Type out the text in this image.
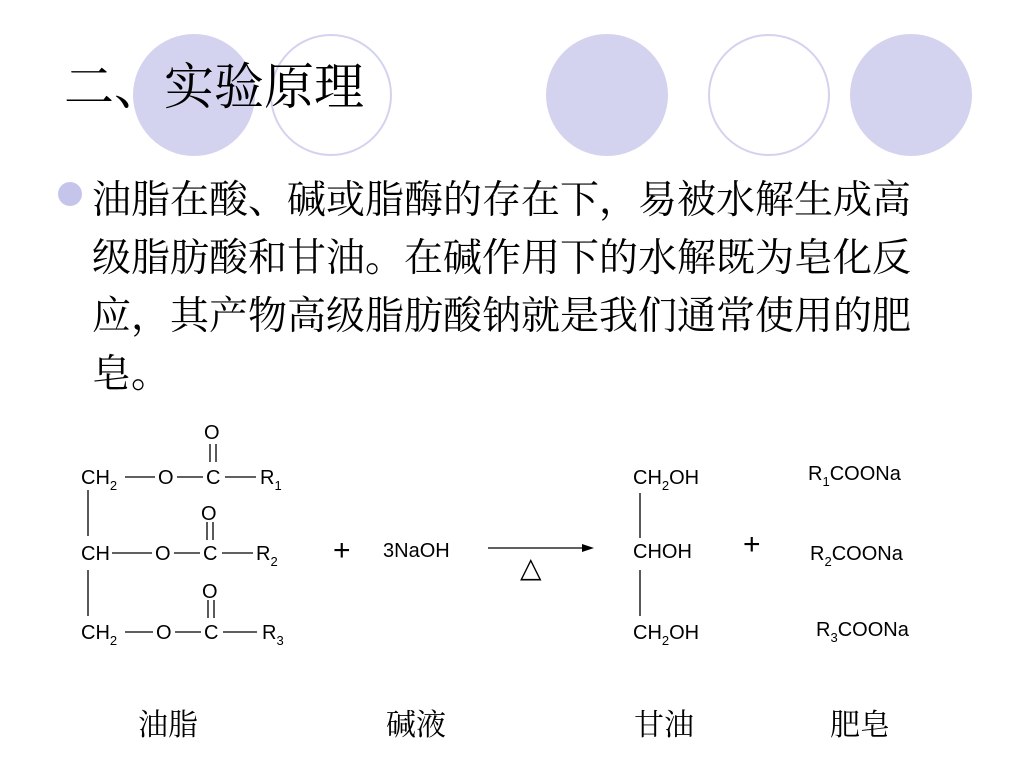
二、实验原理

油脂在酸、碱或脂酶的存在下，易被水解生成高级脂肪酸和甘油。在碱作用下的水解既为皂化反应，其产物高级脂肪酸钠就是我们通常使用的肥皂。

O
$CH_2$ O C $R_1$
O
CH O C $R_2$
O
$CH_2$ O C $R_3$
+ 3NaOH
△
$CH_2OH$
CHOH
$CH_2OH$
+
$R_1COONa$
$R_2COONa$
$R_3COONa$
油脂	碱液	甘油	肥皂
